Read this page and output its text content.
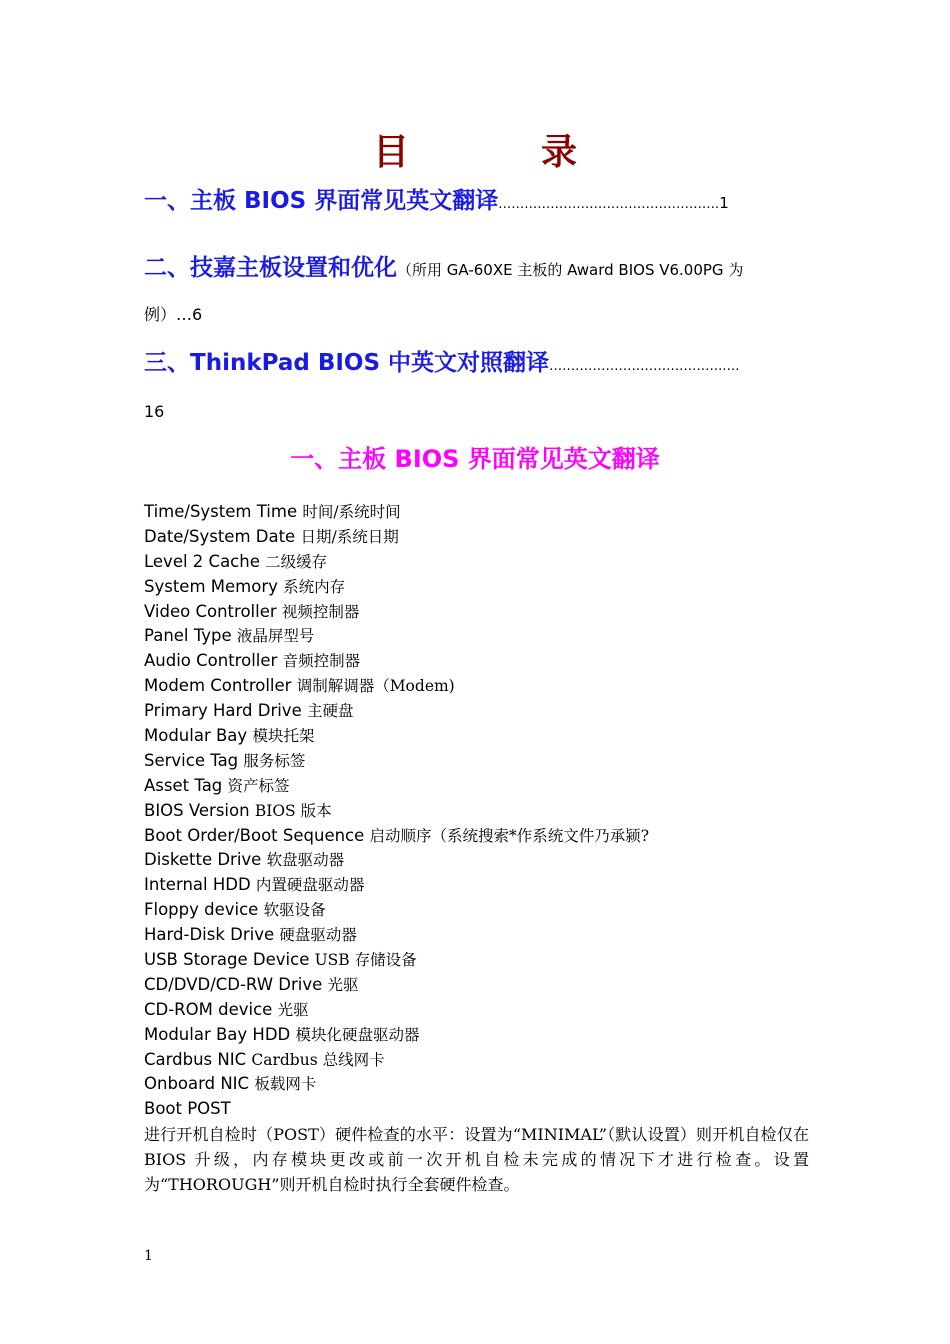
目　录
一、主板 BIOS 界面常见英文翻译……………………………………………1
二、技嘉主板设置和优化（所用 GA-60XE 主板的 Award BIOS V6.00PG 为
例）…6
三、ThinkPad BIOS 中英文对照翻译………………………………….….
16
一、主板 BIOS 界面常见英文翻译
Time/System Time 时间/系统时间
Date/System Date 日期/系统日期
Level 2 Cache 二级缓存
System Memory 系统内存
Video Controller 视频控制器
Panel Type 液晶屏型号
Audio Controller 音频控制器
Modem Controller 调制解调器（Modem)
Primary Hard Drive 主硬盘
Modular Bay 模块托架
Service Tag 服务标签
Asset Tag 资产标签
BIOS Version BIOS 版本
Boot Order/Boot Sequence 启动顺序（系统搜索*作系统文件乃承颍?
Diskette Drive 软盘驱动器
Internal HDD 内置硬盘驱动器
Floppy device 软驱设备
Hard-Disk Drive 硬盘驱动器
USB Storage Device USB 存储设备
CD/DVD/CD-RW Drive 光驱
CD-ROM device 光驱
Modular Bay HDD 模块化硬盘驱动器
Cardbus NIC Cardbus 总线网卡
Onboard NIC 板载网卡
Boot POST
进行开机自检时（POST）硬件检查的水平：设置为“MINIMAL”（默认设置）则开机自检仅在 BIOS 升级，内存模块更改或前一次开机自检未完成的情况下才进行检查。设置为“THOROUGH”则开机自检时执行全套硬件检查。
1
